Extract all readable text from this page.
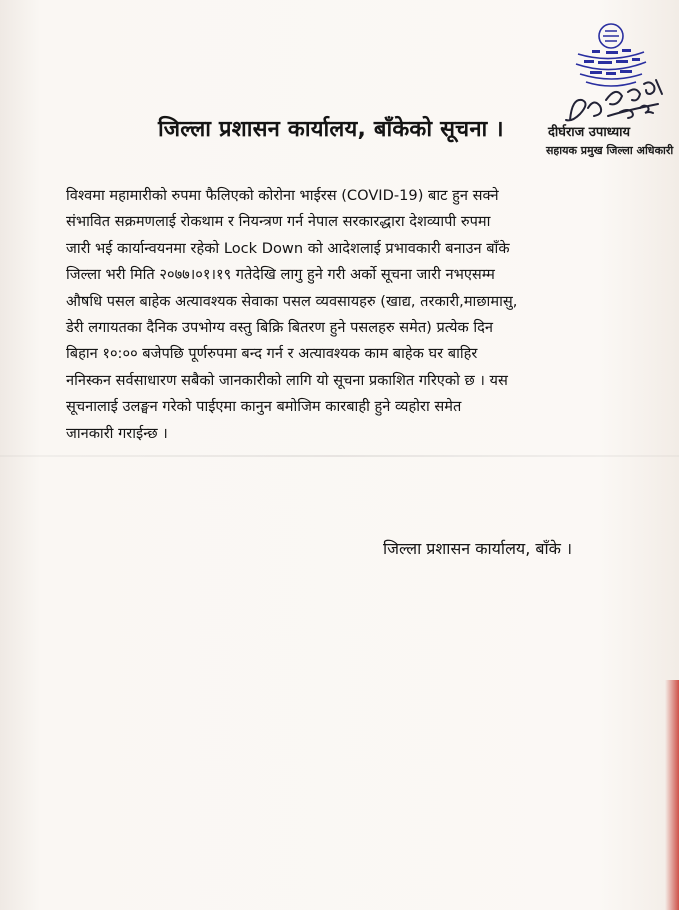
जिल्ला प्रशासन कार्यालय, बाँकेको सूचना ।	दीर्घराज उपाध्याय
सहायक प्रमुख जिल्ला अधिकारी
विश्वमा महामारीको रुपमा फैलिएको कोरोना भाईरस (COVID-19) बाट हुन सक्ने
संभावित सक्रमणलाई रोकथाम र नियन्त्रण गर्न नेपाल सरकारद्धारा देशव्यापी रुपमा
जारी भई कार्यान्वयनमा रहेको Lock Down को आदेशलाई प्रभावकारी बनाउन बाँके
जिल्ला भरी मिति २०७७।०१।१९ गतेदेखि लागु हुने गरी अर्को सूचना जारी नभएसम्म
औषधि पसल बाहेक अत्यावश्यक सेवाका पसल व्यवसायहरु (खाद्य, तरकारी,माछामासु,
डेरी लगायतका दैनिक उपभोग्य वस्तु बिक्रि बितरण हुने पसलहरु समेत) प्रत्येक दिन
बिहान १०:०० बजेपछि पूर्णरुपमा बन्द गर्न र अत्यावश्यक काम बाहेक घर बाहिर
ननिस्कन सर्वसाधारण सबैको जानकारीको लागि यो सूचना प्रकाशित गरिएको छ । यस
सूचनालाई उलङ्घन गरेको पाईएमा कानुन बमोजिम कारबाही हुने व्यहोरा समेत
जानकारी गराईन्छ ।
जिल्ला प्रशासन कार्यालय, बाँके ।
